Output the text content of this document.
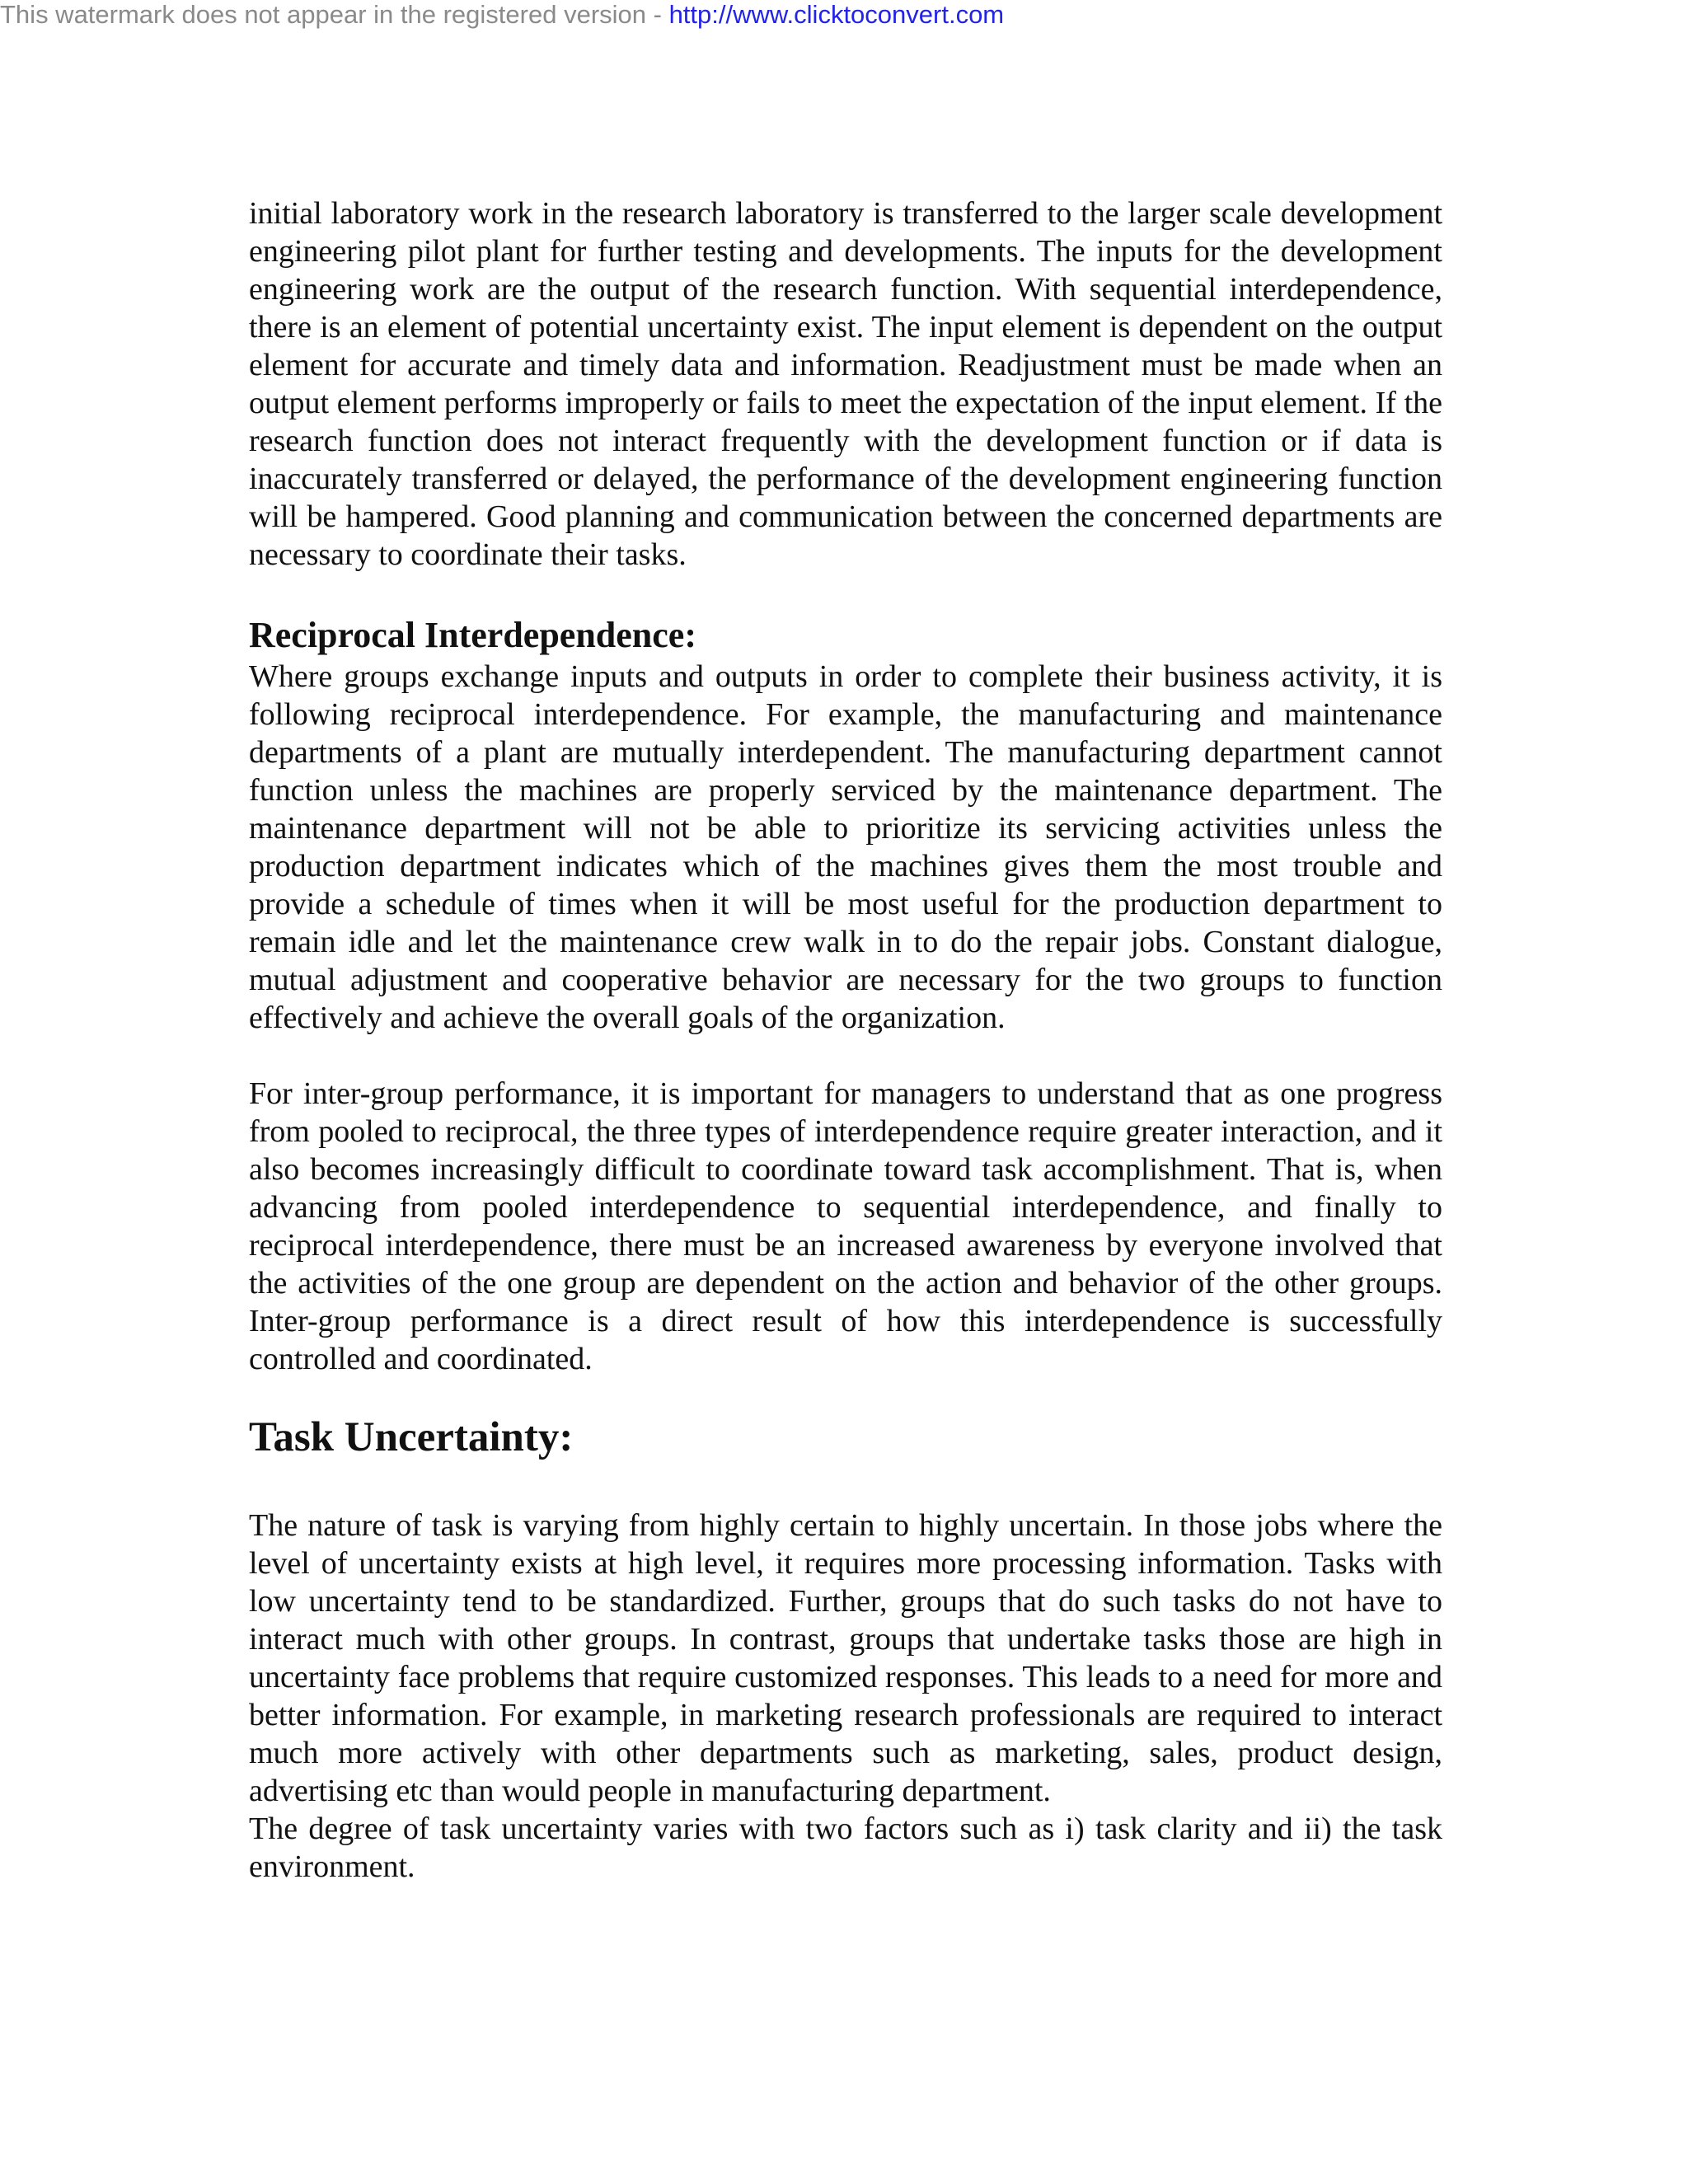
This watermark does not appear in the registered version - http://www.clicktoconvert.com

initial laboratory work in the research laboratory is transferred to the larger scale development engineering pilot plant for further testing and developments. The inputs for the development engineering work are the output of the research function. With sequential interdependence, there is an element of potential uncertainty exist. The input element is dependent on the output element for accurate and timely data and information. Readjustment must be made when an output element performs improperly or fails to meet the expectation of the input element. If the research function does not interact frequently with the development function or if data is inaccurately transferred or delayed, the performance of the development engineering function will be hampered. Good planning and communication between the concerned departments are necessary to coordinate their tasks.

Reciprocal Interdependence:

Where groups exchange inputs and outputs in order to complete their business activity, it is following reciprocal interdependence. For example, the manufacturing and maintenance departments of a plant are mutually interdependent. The manufacturing department cannot function unless the machines are properly serviced by the maintenance department. The maintenance department will not be able to prioritize its servicing activities unless the production department indicates which of the machines gives them the most trouble and provide a schedule of times when it will be most useful for the production department to remain idle and let the maintenance crew walk in to do the repair jobs. Constant dialogue, mutual adjustment and cooperative behavior are necessary for the two groups to function effectively and achieve the overall goals of the organization.

For inter-group performance, it is important for managers to understand that as one progress from pooled to reciprocal, the three types of interdependence require greater interaction, and it also becomes increasingly difficult to coordinate toward task accomplishment. That is, when advancing from pooled interdependence to sequential interdependence, and finally to reciprocal interdependence, there must be an increased awareness by everyone involved that the activities of the one group are dependent on the action and behavior of the other groups. Inter-group performance is a direct result of how this interdependence is successfully controlled and coordinated.

Task Uncertainty:

The nature of task is varying from highly certain to highly uncertain. In those jobs where the level of uncertainty exists at high level, it requires more processing information. Tasks with low uncertainty tend to be standardized. Further, groups that do such tasks do not have to interact much with other groups. In contrast, groups that undertake tasks those are high in uncertainty face problems that require customized responses. This leads to a need for more and better information. For example, in marketing research professionals are required to interact much more actively with other departments such as marketing, sales, product design, advertising etc than would people in manufacturing department.

The degree of task uncertainty varies with two factors such as i) task clarity and ii) the task environment.
